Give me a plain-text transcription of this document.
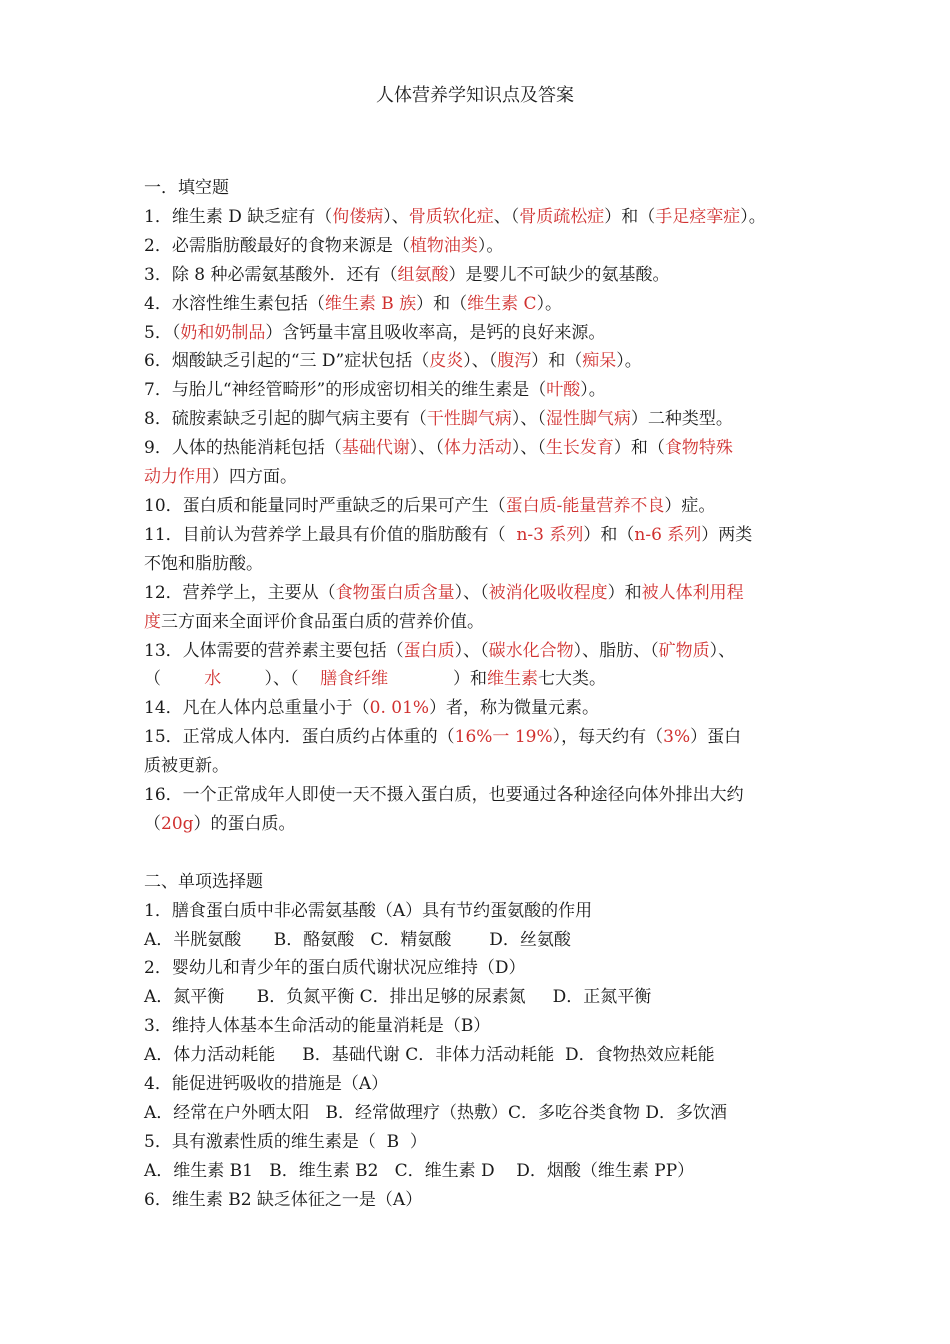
人体营养学知识点及答案

一．填空题

1．维生素 D 缺乏症有（佝偻病）、骨质软化症、（骨质疏松症）和（手足痉挛症）。

2．必需脂肪酸最好的食物来源是（植物油类）。

3．除 8 种必需氨基酸外．还有（组氨酸）是婴儿不可缺少的氨基酸。

4．水溶性维生素包括（维生素 B 族）和（维生素 C）。

5．（奶和奶制品）含钙量丰富且吸收率高，是钙的良好来源。

6．烟酸缺乏引起的“三 D”症状包括（皮炎）、（腹泻）和（痴呆）。

7．与胎儿“神经管畸形”的形成密切相关的维生素是（叶酸）。

8．硫胺素缺乏引起的脚气病主要有（干性脚气病）、（湿性脚气病）二种类型。

9．人体的热能消耗包括（基础代谢）、（体力活动）、（生长发育）和（食物特殊

动力作用）四方面。

10．蛋白质和能量同时严重缺乏的后果可产生（蛋白质-能量营养不良）症。

11．目前认为营养学上最具有价值的脂肪酸有（  n-3 系列）和（n-6 系列）两类

不饱和脂肪酸。

12．营养学上，主要从（食物蛋白质含量）、（被消化吸收程度）和被人体利用程

度三方面来全面评价食品蛋白质的营养价值。

13．人体需要的营养素主要包括（蛋白质）、（碳水化合物）、脂肪、（矿物质）、

（        水        ）、（    膳食纤维            ）和维生素七大类。

14．凡在人体内总重量小于（0. 01%）者，称为微量元素。

15．正常成人体内．蛋白质约占体重的（16%一 19%），每天约有（3%）蛋白

质被更新。

16．一个正常成年人即使一天不摄入蛋白质，也要通过各种途径向体外排出大约

（20g）的蛋白质。

二、单项选择题

1．膳食蛋白质中非必需氨基酸（A）具有节约蛋氨酸的作用

A．半胱氨酸      B．酪氨酸   C．精氨酸       D．丝氨酸

2．婴幼儿和青少年的蛋白质代谢状况应维持（D）

A．氮平衡      B．负氮平衡 C．排出足够的尿素氮     D．正氮平衡

3．维持人体基本生命活动的能量消耗是（B）

A．体力活动耗能     B．基础代谢 C．非体力活动耗能  D．食物热效应耗能

4．能促进钙吸收的措施是（A）

A．经常在户外晒太阳   B．经常做理疗（热敷）C．多吃谷类食物 D．多饮酒

5．具有激素性质的维生素是（  B  ）

A．维生素 B1   B．维生素 B2   C．维生素 D    D．烟酸（维生素 PP）

6．维生素 B2 缺乏体征之一是（A）
